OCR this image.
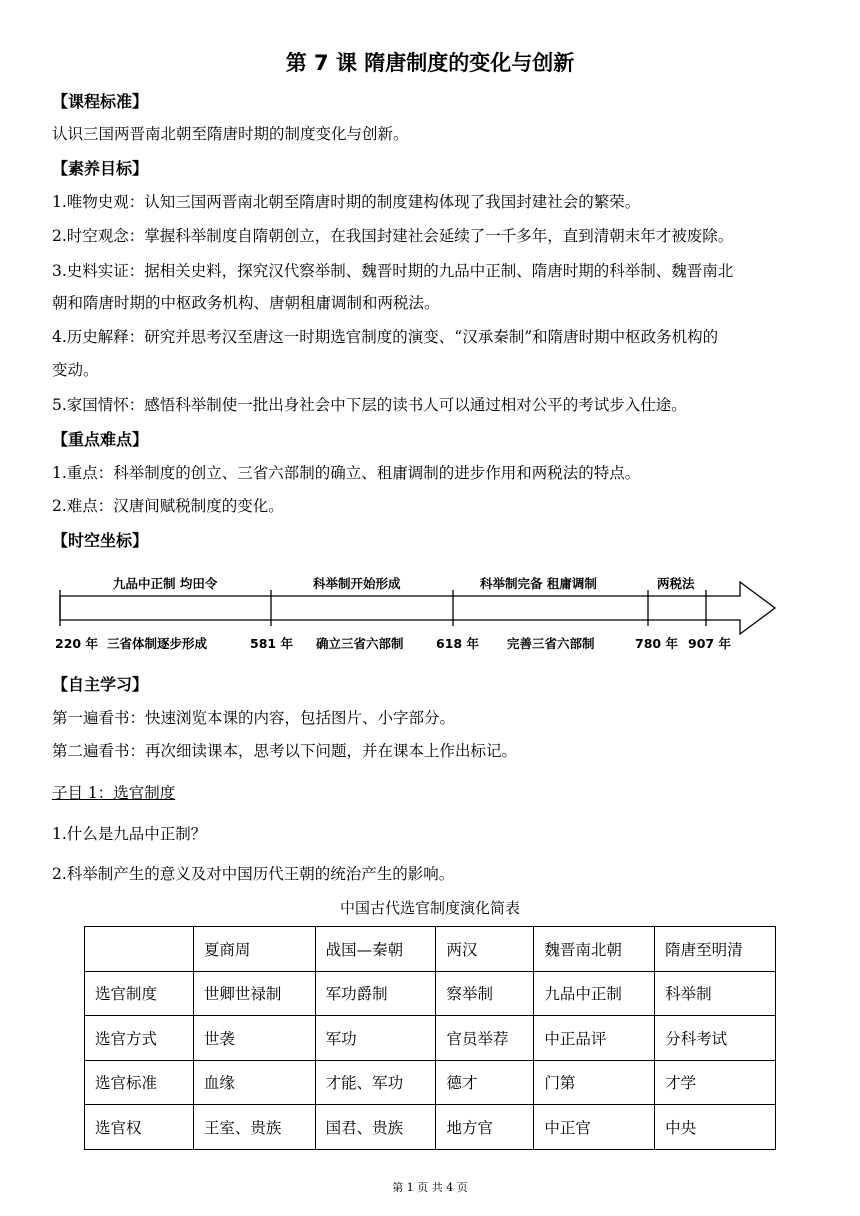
第 7 课 隋唐制度的变化与创新
【课程标准】
认识三国两晋南北朝至隋唐时期的制度变化与创新。
【素养目标】
1.唯物史观：认知三国两晋南北朝至隋唐时期的制度建构体现了我国封建社会的繁荣。
2.时空观念：掌握科举制度自隋朝创立，在我国封建社会延续了一千多年，直到清朝末年才被废除。
3.史料实证：据相关史料，探究汉代察举制、魏晋时期的九品中正制、隋唐时期的科举制、魏晋南北
朝和隋唐时期的中枢政务机构、唐朝租庸调制和两税法。
4.历史解释：研究并思考汉至唐这一时期选官制度的演变、“汉承秦制”和隋唐时期中枢政务机构的
变动。
5.家国情怀：感悟科举制使一批出身社会中下层的读书人可以通过相对公平的考试步入仕途。
【重点难点】
1.重点：科举制度的创立、三省六部制的确立、租庸调制的进步作用和两税法的特点。
2.难点：汉唐间赋税制度的变化。
【时空坐标】
九品中正制 均田令	科举制开始形成	科举制完备 租庸调制	两税法
220 年 三省体制逐步形成	581 年 确立三省六部制	618 年 完善三省六部制	780 年 907 年
【自主学习】
第一遍看书：快速浏览本课的内容，包括图片、小字部分。
第二遍看书：再次细读课本，思考以下问题，并在课本上作出标记。
子目 1：选官制度
1.什么是九品中正制？
2.科举制产生的意义及对中国历代王朝的统治产生的影响。
中国古代选官制度演化简表
	夏商周	战国—秦朝	两汉	魏晋南北朝	隋唐至明清
选官制度	世卿世禄制	军功爵制	察举制	九品中正制	科举制
选官方式	世袭	军功	官员举荐	中正品评	分科考试
选官标准	血缘	才能、军功	德才	门第	才学
选官权	王室、贵族	国君、贵族	地方官	中正官	中央
第 1 页 共 4 页
